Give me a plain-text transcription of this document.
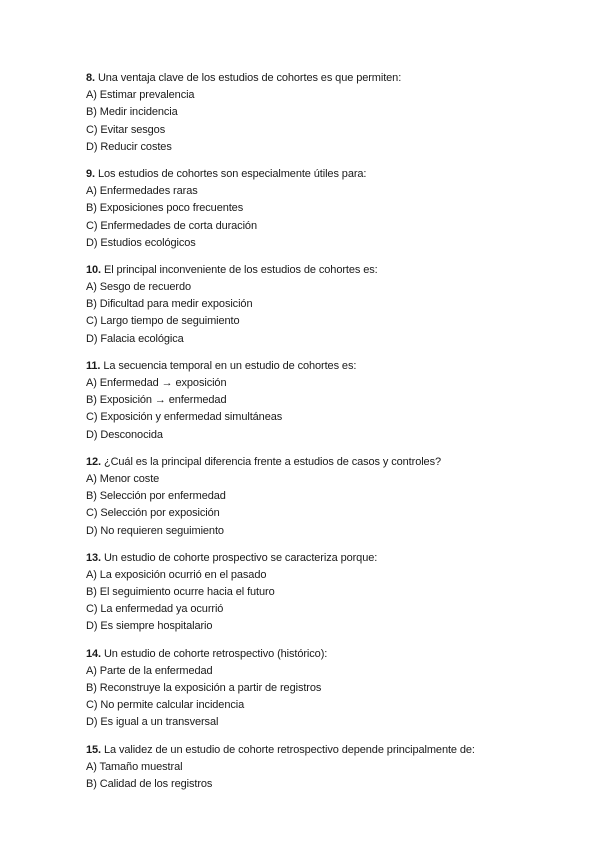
8. Una ventaja clave de los estudios de cohortes es que permiten:
A) Estimar prevalencia
B) Medir incidencia
C) Evitar sesgos
D) Reducir costes
9. Los estudios de cohortes son especialmente útiles para:
A) Enfermedades raras
B) Exposiciones poco frecuentes
C) Enfermedades de corta duración
D) Estudios ecológicos
10. El principal inconveniente de los estudios de cohortes es:
A) Sesgo de recuerdo
B) Dificultad para medir exposición
C) Largo tiempo de seguimiento
D) Falacia ecológica
11. La secuencia temporal en un estudio de cohortes es:
A) Enfermedad → exposición
B) Exposición → enfermedad
C) Exposición y enfermedad simultáneas
D) Desconocida
12. ¿Cuál es la principal diferencia frente a estudios de casos y controles?
A) Menor coste
B) Selección por enfermedad
C) Selección por exposición
D) No requieren seguimiento
13. Un estudio de cohorte prospectivo se caracteriza porque:
A) La exposición ocurrió en el pasado
B) El seguimiento ocurre hacia el futuro
C) La enfermedad ya ocurrió
D) Es siempre hospitalario
14. Un estudio de cohorte retrospectivo (histórico):
A) Parte de la enfermedad
B) Reconstruye la exposición a partir de registros
C) No permite calcular incidencia
D) Es igual a un transversal
15. La validez de un estudio de cohorte retrospectivo depende principalmente de:
A) Tamaño muestral
B) Calidad de los registros
